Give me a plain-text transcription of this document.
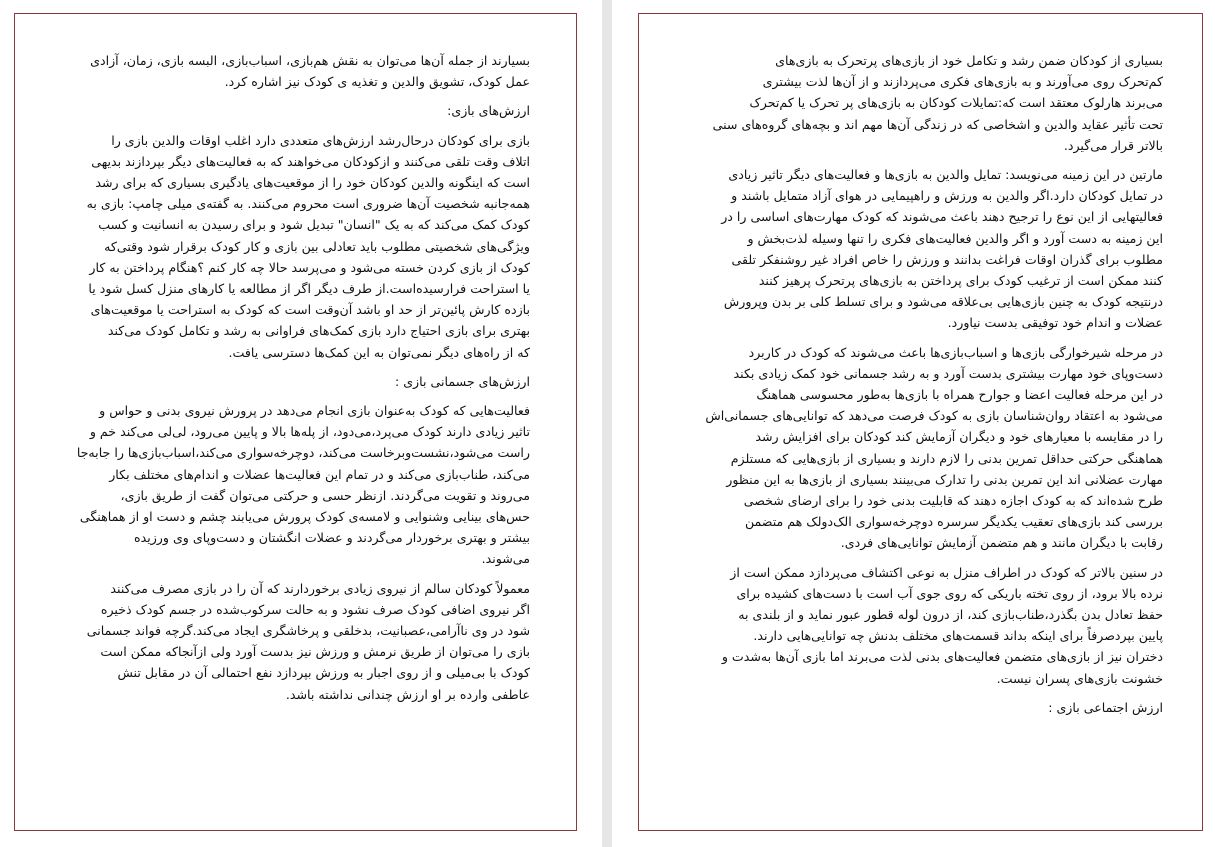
بسیارند از جمله آن‌ها می‌توان به نقش هم‌بازی، اسباب‌بازی، البسه بازی، زمان، آزادی
عمل کودک، تشویق والدین و تغذیه ی کودک نیز اشاره کرد.

ارزش‌های بازی:

بازی برای کودکان درحال‌رشد ارزش‌های متعددی دارد اغلب اوقات والدین بازی را
اتلاف وقت تلقی می‌کنند و ازکودکان می‌خواهند که به فعالیت‌های دیگر بپردازند بدیهی
است که اینگونه والدین کودکان خود را از موقعیت‌های یادگیری بسیاری که برای رشد
همه‌جانبه شخصیت آن‌ها ضروری است محروم می‌کنند. به گفته‌ی میلی چامپ: بازی به
کودک کمک می‌کند که به یک "انسان" تبدیل شود و برای رسیدن به انسانیت و کسب
ویژگی‌های شخصیتی مطلوب باید تعادلی بین بازی و کار کودک برقرار شود وقتی‌که
کودک از بازی کردن خسته می‌شود و می‌پرسد حالا چه کار کنم ؟هنگام پرداختن به کار
یا استراحت فرارسیده‌است.از طرف دیگر اگر از مطالعه یا کارهای منزل کسل شود یا
بازده کارش پائین‌تر از حد او باشد آن‌وقت است که کودک به استراحت یا موقعیت‌های
بهتری برای بازی احتیاج دارد بازی کمک‌های فراوانی به رشد و تکامل کودک می‌کند
که از راه‌های دیگر نمی‌توان به این کمک‌ها دسترسی یافت.

ارزش‌های جسمانی بازی :

فعالیت‌هایی که کودک به‌عنوان بازی انجام می‌دهد در پرورش نیروی بدنی و حواس و
تاثیر زیادی دارند کودک می‌پرد،می‌دود، از پله‌ها بالا و پایین می‌رود، لی‌لی می‌کند خم و
راست می‌شود،نشست‌وبرخاست می‌کند، دوچرخه‌سواری می‌کند،اسباب‌بازی‌ها را جابه‌جا
می‌کند، طناب‌بازی می‌کند و در تمام این فعالیت‌ها عضلات و اندام‌های مختلف بکار
می‌روند و تقویت می‌گردند. ازنظر حسی و حرکتی می‌توان گفت از طریق بازی،
حس‌های بینایی وشنوایی و لامسه‌ی کودک پرورش می‌یابند چشم و دست او از هماهنگی
بیشتر و بهتری برخوردار می‌گردند و عضلات انگشتان و دست‌وپای وی ورزیده
می‌شوند.

معمولاً کودکان سالم از نیروی زیادی برخوردارند که آن را در بازی مصرف می‌کنند
اگر نیروی اضافی کودک صرف نشود و به حالت سرکوب‌شده در جسم کودک ذخیره
شود در وی ناآرامی،عصبانیت، بدخلقی و پرخاشگری ایجاد می‌کند.گرچه فواند جسمانی
بازی را می‌توان از طریق نرمش و ورزش نیز بدست آورد ولی ازآنجاکه ممکن است
کودک با بی‌میلی و از روی اجبار به ورزش بپردازد نفع احتمالی آن در مقابل تنش
عاطفی وارده بر او ارزش چندانی نداشته باشد.

بسیاری از کودکان ضمن رشد و تکامل خود از بازی‌های پرتحرک به بازی‌های
کم‌تحرک روی می‌آورند و به بازی‌های فکری می‌پردازند و از آن‌ها لذت بیشتری
می‌برند هارلوک معتقد است که:تمایلات کودکان به بازی‌های پر تحرک یا کم‌تحرک
تحت تأثیر عقاید والدین و اشخاصی که در زندگی آن‌ها مهم اند و بچه‌های گروه‌های سنی
بالاتر قرار می‌گیرد.

مارتین در این زمینه می‌نویسد: تمایل والدین به بازی‌ها و فعالیت‌های دیگر تاثیر زیادی
در تمایل کودکان دارد.اگر والدین به ورزش و راهپیمایی در هوای آزاد متمایل باشند و
فعالیتهایی از این نوع را ترجیح دهند باعث می‌شوند که کودک مهارت‌های اساسی را در
این زمینه به دست آورد و اگر والدین فعالیت‌های فکری را تنها وسیله لذت‌بخش و
مطلوب برای گذران اوقات فراغت بدانند و ورزش را خاص افراد غیر روشنفکر تلقی
کنند ممکن است از ترغیب کودک برای پرداختن به بازی‌های پرتحرک پرهیز کنند
درنتیجه کودک به چنین بازی‌هایی بی‌علاقه می‌شود و برای تسلط کلی بر بدن وپرورش
عضلات و اندام خود توفیقی بدست نیاورد.

در مرحله شیرخوارگی بازی‌ها و اسباب‌بازی‌ها باعث می‌شوند که کودک در کاربرد
دست‌وپای خود مهارت بیشتری بدست آورد و به رشد جسمانی خود کمک زیادی بکند
در این مرحله فعالیت اعضا و جوارح همراه با بازی‌ها به‌طور محسوسی هماهنگ
می‌شود به اعتقاد روان‌شناسان بازی به کودک فرصت می‌دهد که توانایی‌های جسمانی‌اش
را در مقایسه با معیارهای خود و دیگران آزمایش کند کودکان برای افزایش رشد
هماهنگی حرکتی حداقل تمرین بدنی را لازم دارند و بسیاری از بازی‌هایی که مستلزم
مهارت عضلانی اند این تمرین بدنی را تدارک می‌بینند بسیاری از بازی‌ها به این منظور
طرح شده‌اند که به کودک اجازه دهند که قابلیت بدنی خود را برای ارضای شخصی
بررسی کند بازی‌های تعقیب یکدیگر سرسره دوچرخه‌سواری الک‌دولک هم متضمن
رقابت با دیگران مانند و هم متضمن آزمایش توانایی‌های فردی.

در سنین بالاتر که کودک در اطراف منزل به نوعی اکتشاف می‌پردازد ممکن است از
نرده بالا برود، از روی تخته باریکی که روی جوی آب است با دست‌های کشیده برای
حفظ تعادل بدن بگذرد،طناب‌بازی کند، از درون لوله قطور عبور نماید و از بلندی به
پایین بپرد‌صرفاً برای اینکه بداند قسمت‌های مختلف بدنش چه توانایی‌هایی دارند.
دختران نیز از بازی‌های متضمن فعالیت‌های بدنی لذت می‌برند اما بازی آن‌ها به‌شدت و
خشونت بازی‌های پسران نیست.

ارزش اجتماعی بازی :
